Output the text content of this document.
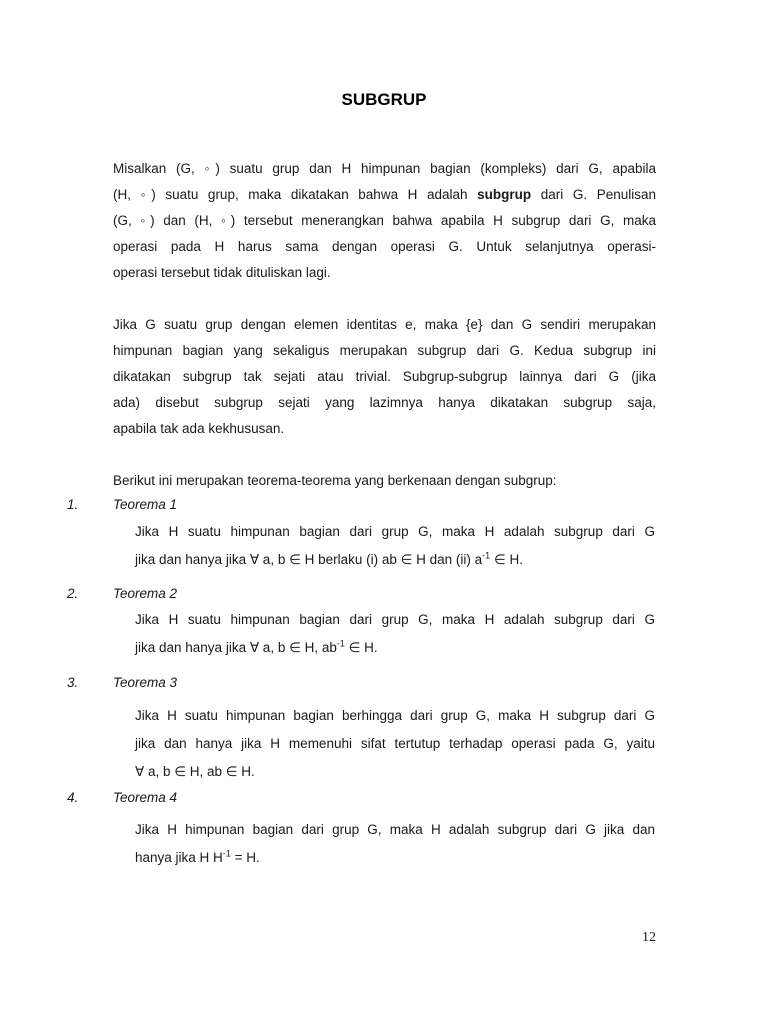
SUBGRUP
Misalkan (G, ◦) suatu grup dan H himpunan bagian (kompleks) dari G, apabila
(H, ◦) suatu grup, maka dikatakan bahwa H adalah subgrup dari G. Penulisan
(G, ◦) dan (H, ◦) tersebut menerangkan bahwa apabila H subgrup dari G, maka
operasi pada H harus sama dengan operasi G. Untuk selanjutnya operasi-
operasi tersebut tidak dituliskan lagi.
Jika G suatu grup dengan elemen identitas e, maka {e} dan G sendiri merupakan
himpunan bagian yang sekaligus merupakan subgrup dari G. Kedua subgrup ini
dikatakan subgrup tak sejati atau trivial. Subgrup-subgrup lainnya dari G (jika
ada) disebut subgrup sejati yang lazimnya hanya dikatakan subgrup saja,
apabila tak ada kekhususan.
Berikut ini merupakan teorema-teorema yang berkenaan dengan subgrup:
1.	Teorema 1
Jika H suatu himpunan bagian dari grup G, maka H adalah subgrup dari G
jika dan hanya jika ∀ a, b ∈ H berlaku (i) ab ∈ H dan (ii) $a^{-1}$ ∈ H.
2.	Teorema 2
Jika H suatu himpunan bagian dari grup G, maka H adalah subgrup dari G
jika dan hanya jika ∀ a, b ∈ H, $ab^{-1}$ ∈ H.
3.	Teorema 3
Jika H suatu himpunan bagian berhingga dari grup G, maka H subgrup dari G
jika dan hanya jika H memenuhi sifat tertutup terhadap operasi pada G, yaitu
∀ a, b ∈ H, ab ∈ H.
4.	Teorema 4
Jika H himpunan bagian dari grup G, maka H adalah subgrup dari G jika dan
hanya jika H $H^{-1} = H$.
12
